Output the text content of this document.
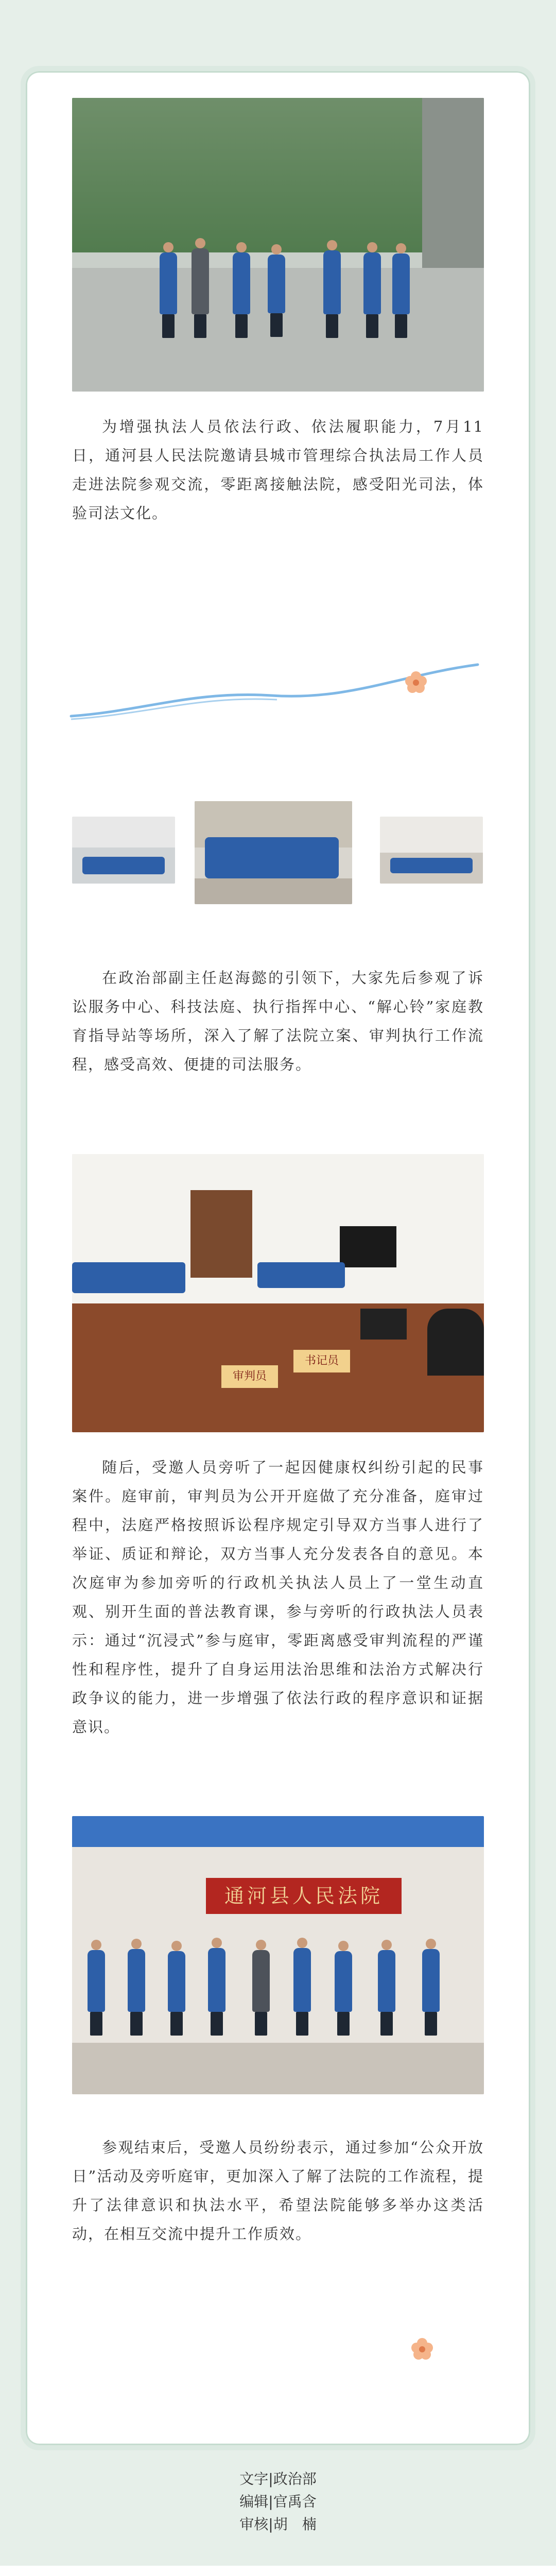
为增强执法人员依法行政、依法履职能力，7月11日，通河县人民法院邀请县城市管理综合执法局工作人员走进法院参观交流，零距离接触法院，感受阳光司法，体验司法文化。

在政治部副主任赵海懿的引领下，大家先后参观了诉讼服务中心、科技法庭、执行指挥中心、“解心铃”家庭教育指导站等场所，深入了解了法院立案、审判执行工作流程，感受高效、便捷的司法服务。

审判员
书记员

随后，受邀人员旁听了一起因健康权纠纷引起的民事案件。庭审前，审判员为公开开庭做了充分准备，庭审过程中，法庭严格按照诉讼程序规定引导双方当事人进行了举证、质证和辩论，双方当事人充分发表各自的意见。本次庭审为参加旁听的行政机关执法人员上了一堂生动直观、别开生面的普法教育课，参与旁听的行政执法人员表示：通过“沉浸式”参与庭审，零距离感受审判流程的严谨性和程序性，提升了自身运用法治思维和法治方式解决行政争议的能力，进一步增强了依法行政的程序意识和证据意识。

通河县人民法院

参观结束后，受邀人员纷纷表示，通过参加“公众开放日”活动及旁听庭审，更加深入了解了法院的工作流程，提升了法律意识和执法水平，希望法院能够多举办这类活动，在相互交流中提升工作质效。

文字|政治部
编辑|官禹含
审核|胡　楠
